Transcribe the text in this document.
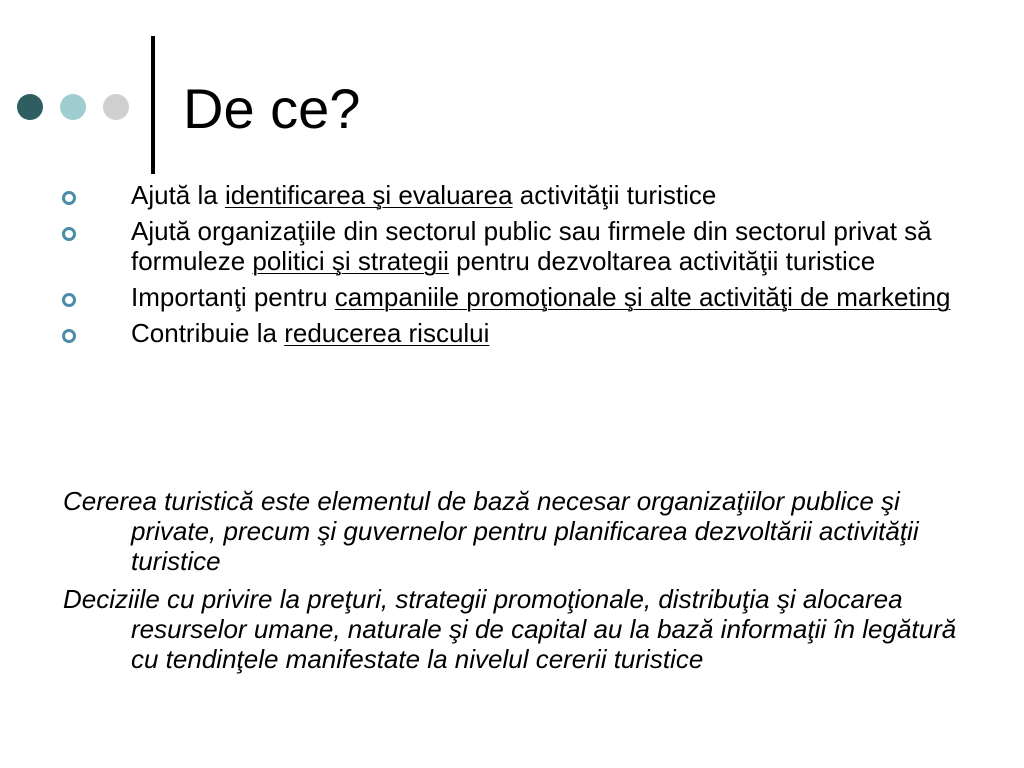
De ce?
Ajută la identificarea şi evaluarea activităţii turistice
Ajută organizaţiile din sectorul public sau firmele din sectorul privat să formuleze politici şi strategii pentru dezvoltarea activităţii turistice
Importanţi pentru campaniile promoţionale şi alte activităţi de marketing
Contribuie la reducerea riscului

Cererea turistică este elementul de bază necesar organizaţiilor publice şi private, precum şi guvernelor pentru planificarea dezvoltării activităţii turistice

Deciziile cu privire la preţuri, strategii promoţionale, distribuţia şi alocarea resurselor umane, naturale şi de capital au la bază informaţii în legătură cu tendinţele manifestate la nivelul cererii turistice
